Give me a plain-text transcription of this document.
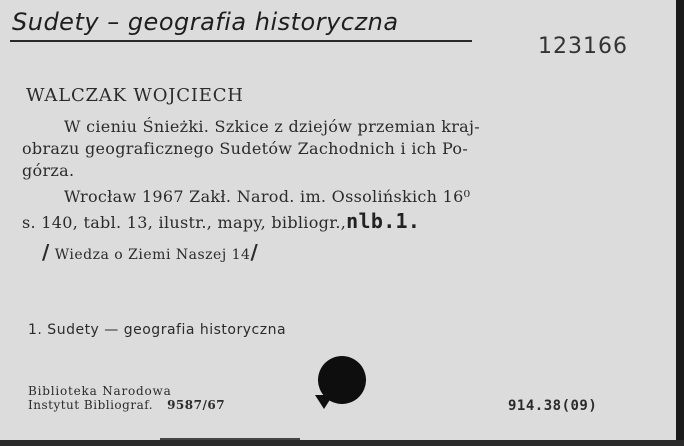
Sudety – geografia historyczna
123166
WALCZAK WOJCIECH
W cieniu Śnieżki. Szkice z dziejów przemian kraj-
obrazu geograficznego Sudetów Zachodnich i ich Po-
górza.
Wrocław 1967 Zakł. Narod. im. Ossolińskich 16⁰
s. 140, tabl. 13, ilustr., mapy, bibliogr.,nlb.1.
/ Wiedza o Ziemi Naszej 14/
1. Sudety — geografia historyczna
Biblioteka Narodowa
Instytut Bibliograf. 9587/67	914.38(09)
